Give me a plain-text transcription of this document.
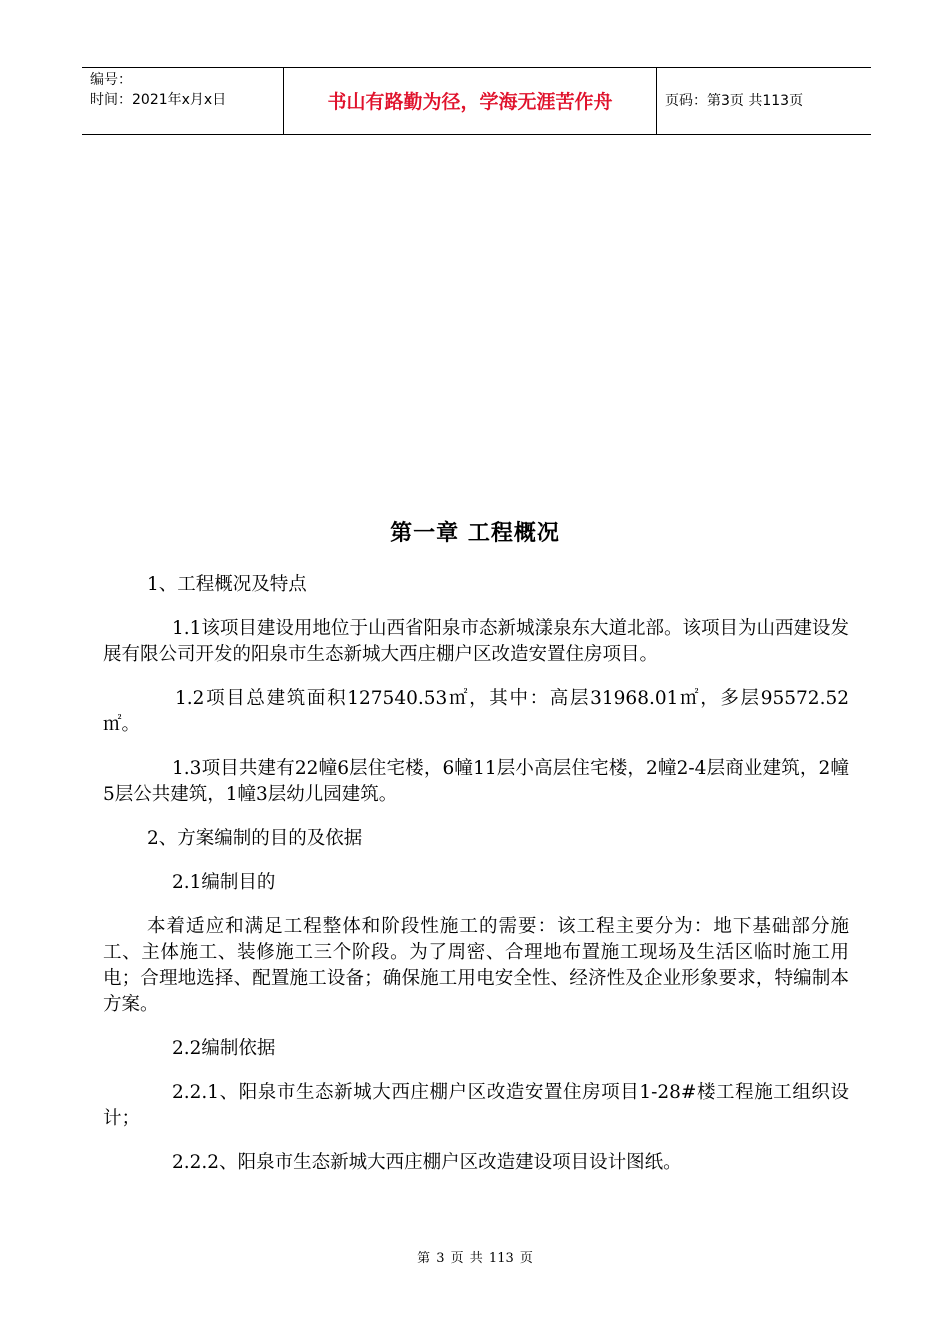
编号：
时间：2021年x月x日	书山有路勤为径，学海无涯苦作舟	页码：第3页 共113页
第一章 工程概况

1、工程概况及特点

1.1该项目建设用地位于山西省阳泉市态新城漾泉东大道北部。该项目为山西建设发展有限公司开发的阳泉市生态新城大西庄棚户区改造安置住房项目。

1.2项目总建筑面积127540.53㎡，其中：高层31968.01㎡，多层95572.52㎡。

1.3项目共建有22幢6层住宅楼，6幢11层小高层住宅楼，2幢2-4层商业建筑，2幢5层公共建筑，1幢3层幼儿园建筑。

2、方案编制的目的及依据

2.1编制目的

本着适应和满足工程整体和阶段性施工的需要：该工程主要分为：地下基础部分施工、主体施工、装修施工三个阶段。为了周密、合理地布置施工现场及生活区临时施工用电；合理地选择、配置施工设备；确保施工用电安全性、经济性及企业形象要求，特编制本方案。

2.2编制依据

2.2.1、阳泉市生态新城大西庄棚户区改造安置住房项目1-28#楼工程施工组织设计；

2.2.2、阳泉市生态新城大西庄棚户区改造建设项目设计图纸。

第 3 页 共 113 页
